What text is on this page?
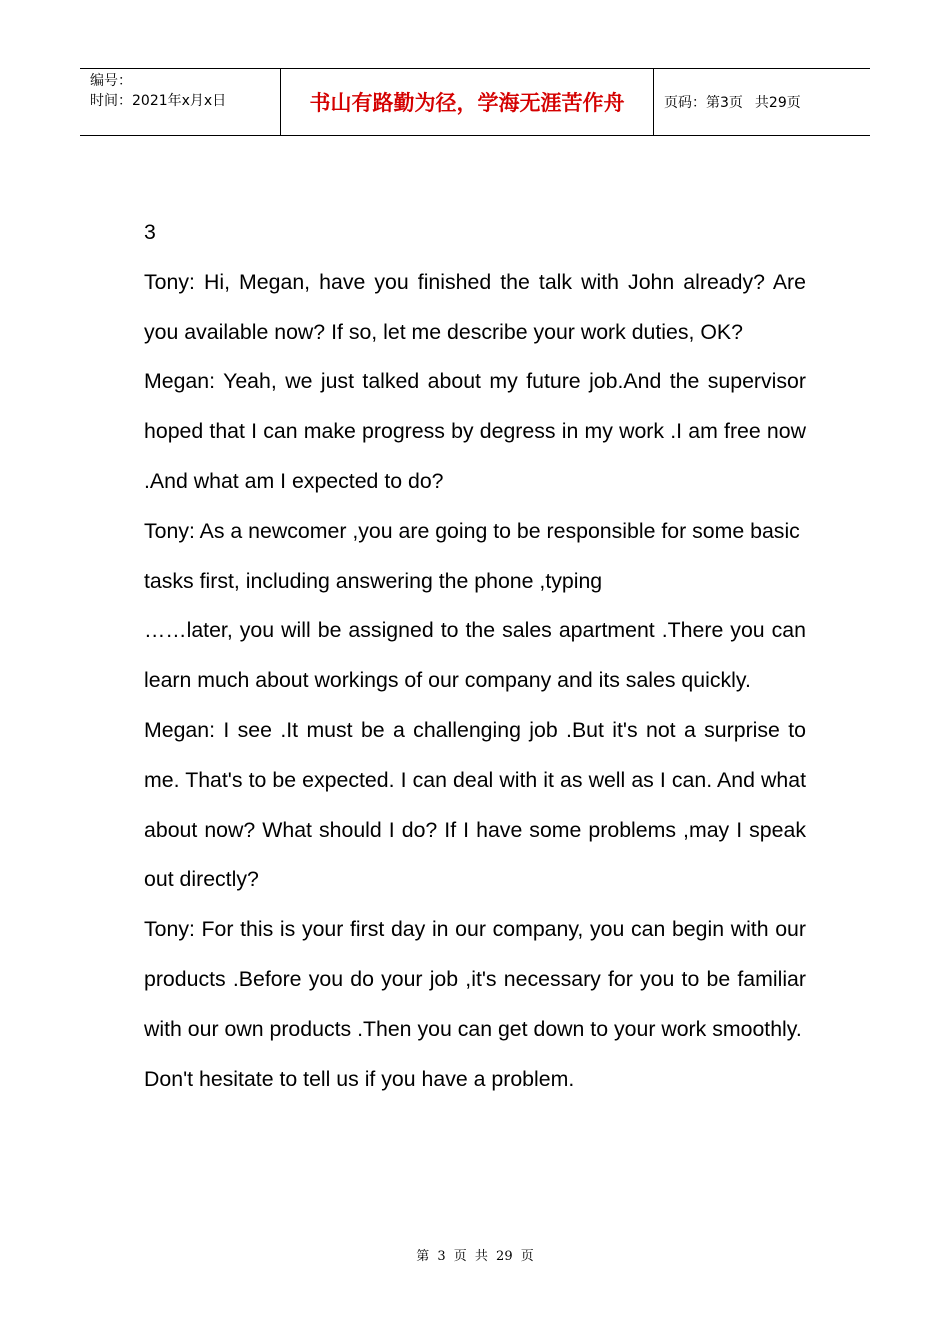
编号：
时间：2021年x月x日	书山有路勤为径，学海无涯苦作舟	页码：第3页 共29页

3

Tony: Hi, Megan, have you finished the talk with John already? Are you available now? If so, let me describe your work duties, OK?

Megan: Yeah, we just talked about my future job.And the supervisor hoped that I can make progress by degress in my work .I am free now .And what am I expected to do?

Tony: As a newcomer ,you are going to be responsible for some basic tasks first, including answering the phone ,typing

……later, you will be assigned to the sales apartment .There you can learn much about workings of our company and its sales quickly.

Megan: I see .It must be a challenging job .But it's not a surprise to me. That's to be expected. I can deal with it as well as I can. And what about now? What should I do? If I have some problems ,may I speak out directly?

Tony: For this is your first day in our company, you can begin with our products .Before you do your job ,it's necessary for you to be familiar with our own products .Then you can get down to your work smoothly.

Don't hesitate to tell us if you have a problem.

第 3 页 共 29 页
